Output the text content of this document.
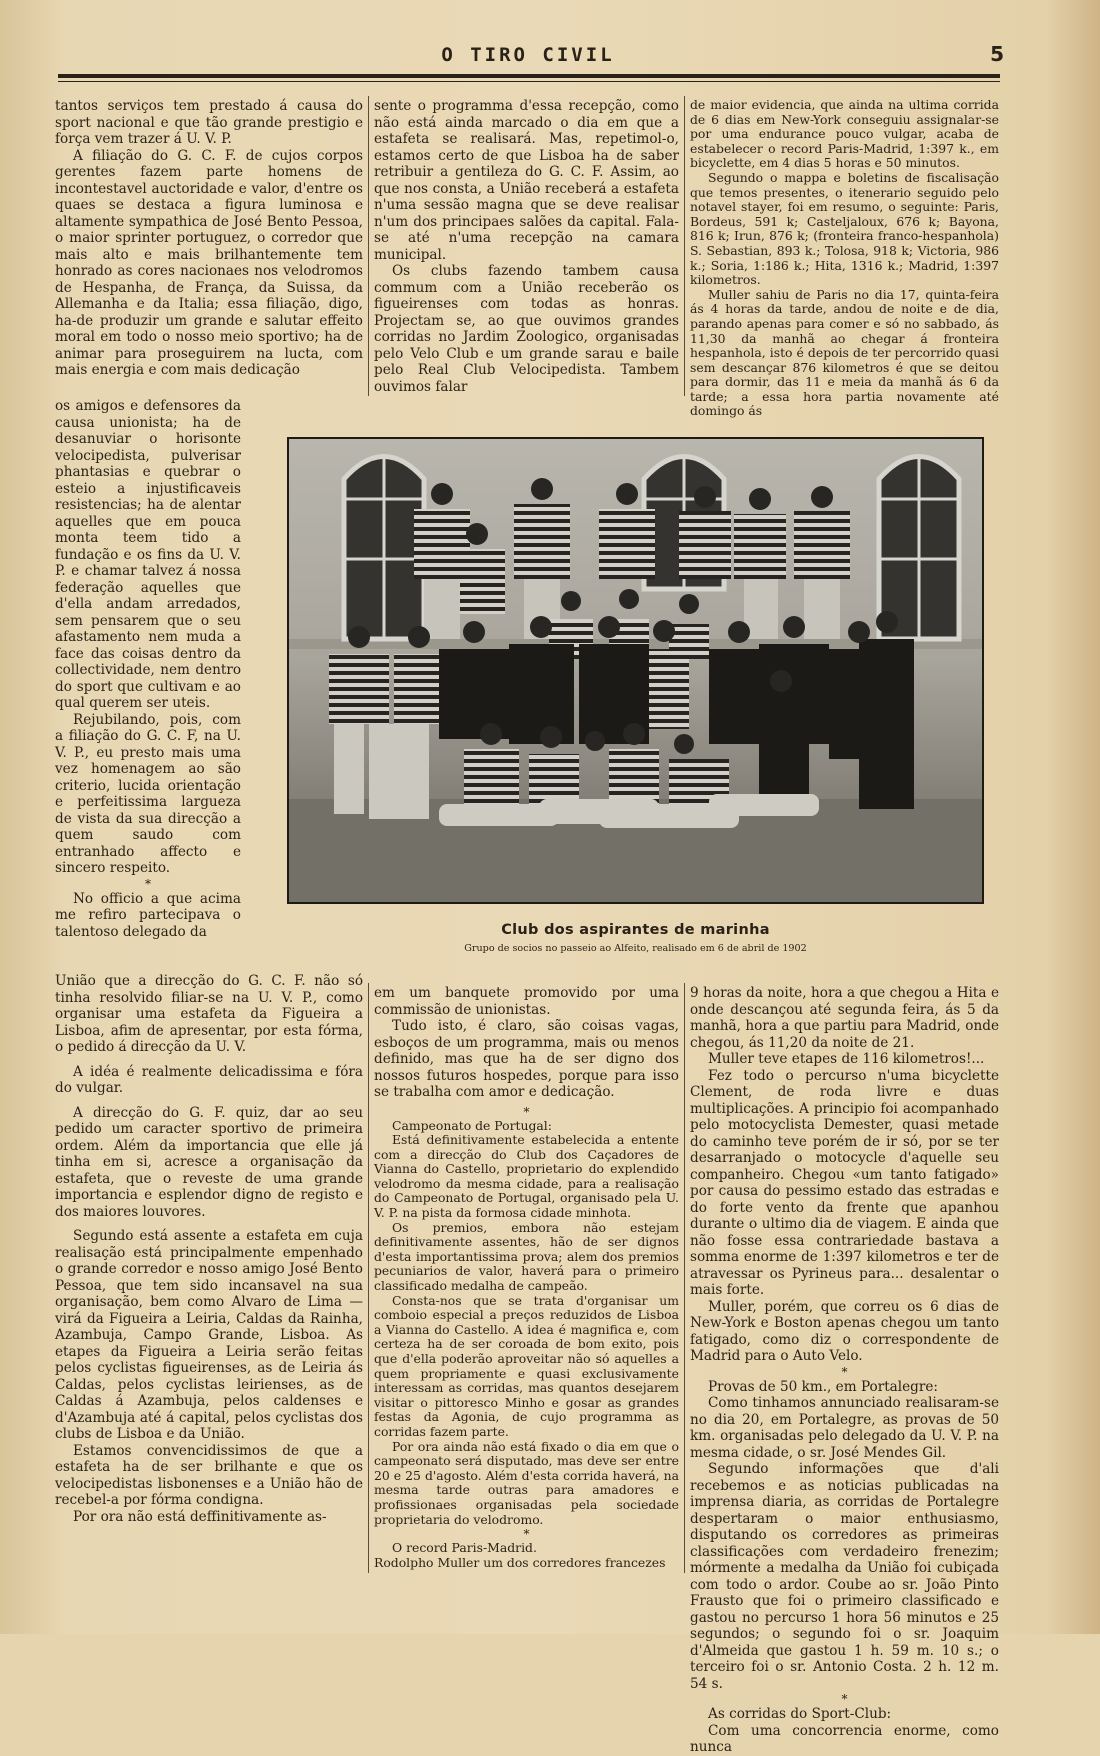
O TIRO CIVIL	5

tantos serviços tem prestado á causa do sport nacional e que tão grande prestigio e força vem trazer á U. V. P.

A filiação do G. C. F. de cujos corpos gerentes fazem parte homens de incontestavel auctoridade e valor, d'entre os quaes se destaca a figura luminosa e altamente sympathica de José Bento Pessoa, o maior sprinter portuguez, o corredor que mais alto e mais brilhantemente tem honrado as cores nacionaes nos velodromos de Hespanha, de França, da Suissa, da Allemanha e da Italia; essa filiação, digo, ha-de produzir um grande e salutar effeito moral em todo o nosso meio sportivo; ha de animar para proseguirem na lucta, com mais energia e com mais dedicação

os amigos e defensores da causa unionista; ha de desanuviar o horisonte velocipedista, pulverisar phantasias e quebrar o esteio a injustificaveis resistencias; ha de alentar aquelles que em pouca monta teem tido a fundação e os fins da U. V. P. e chamar talvez á nossa federação aquelles que d'ella andam arredados, sem pensarem que o seu afastamento nem muda a face das coisas dentro da collectividade, nem dentro do sport que cultivam e ao qual querem ser uteis.

Rejubilando, pois, com a filiação do G. C. F, na U. V. P., eu presto mais uma vez homenagem ao são criterio, lucida orientação e perfeitissima largueza de vista da sua direcção a quem saudo com entranhado affecto e sincero respeito.

*

No officio a que acima me refiro partecipava o talentoso delegado da	Club dos aspirantes de marinha
Grupo de socios no passeio ao Alfeito, realisado em 6 de abril de 1902

União que a direcção do G. C. F. não só tinha resolvido filiar-se na U. V. P., como organisar uma estafeta da Figueira a Lisboa, afim de apresentar, por esta fórma, o pedido á direcção da U. V.

A idéa é realmente delicadissima e fóra do vulgar.

A direcção do G. F. quiz, dar ao seu pedido um caracter sportivo de primeira ordem. Além da importancia que elle já tinha em si, acresce a organisação da estafeta, que o reveste de uma grande importancia e esplendor digno de registo e dos maiores louvores.

Segundo está assente a estafeta em cuja realisação está principalmente empenhado o grande corredor e nosso amigo José Bento Pessoa, que tem sido incansavel na sua organisação, bem como Alvaro de Lima — virá da Figueira a Leiria, Caldas da Rainha, Azambuja, Campo Grande, Lisboa. As etapes da Figueira a Leiria serão feitas pelos cyclistas figueirenses, as de Leiria ás Caldas, pelos cyclistas leirienses, as de Caldas á Azambuja, pelos caldenses e d'Azambuja até á capital, pelos cyclistas dos clubs de Lisboa e da União.

Estamos convencidissimos de que a estafeta ha de ser brilhante e que os velocipedistas lisbonenses e a União hão de recebel-a por fórma condigna.

Por ora não está deffinitivamente as-

sente o programma d'essa recepção, como não está ainda marcado o dia em que a estafeta se realisará. Mas, repetimol-o, estamos certo de que Lisboa ha de saber retribuir a gentileza do G. C. F. Assim, ao que nos consta, a União receberá a estafeta n'uma sessão magna que se deve realisar n'um dos principaes salões da capital. Fala-se até n'uma recepção na camara municipal.

Os clubs fazendo tambem causa commum com a União receberão os figueirenses com todas as honras. Projectam se, ao que ouvimos grandes corridas no Jardim Zoologico, organisadas pelo Velo Club e um grande sarau e baile pelo Real Club Velocipedista. Tambem ouvimos falar

em um banquete promovido por uma commissão de unionistas.

Tudo isto, é claro, são coisas vagas, esboços de um programma, mais ou menos definido, mas que ha de ser digno dos nossos futuros hospedes, porque para isso se trabalha com amor e dedicação.

*

Campeonato de Portugal:

Está definitivamente estabelecida a entente com a direcção do Club dos Caçadores de Vianna do Castello, proprietario do explendido velodromo da mesma cidade, para a realisação do Campeonato de Portugal, organisado pela U. V. P. na pista da formosa cidade minhota.

Os premios, embora não estejam definitivamente assentes, hão de ser dignos d'esta importantissima prova; alem dos premios pecuniarios de valor, haverá para o primeiro classificado medalha de campeão.

Consta-nos que se trata d'organisar um comboio especial a preços reduzidos de Lisboa a Vianna do Castello. A idea é magnifica e, com certeza ha de ser coroada de bom exito, pois que d'ella poderão aproveitar não só aquelles a quem propriamente e quasi exclusivamente interessam as corridas, mas quantos desejarem visitar o pittoresco Minho e gosar as grandes festas da Agonia, de cujo programma as corridas fazem parte.

Por ora ainda não está fixado o dia em que o campeonato será disputado, mas deve ser entre 20 e 25 d'agosto. Além d'esta corrida haverá, na mesma tarde outras para amadores e profissionaes organisadas pela sociedade proprietaria do velodromo.

*

O record Paris-Madrid.

Rodolpho Muller um dos corredores francezes

de maior evidencia, que ainda na ultima corrida de 6 dias em New-York conseguiu assignalar-se por uma endurance pouco vulgar, acaba de estabelecer o record Paris-Madrid, 1:397 k., em bicyclette, em 4 dias 5 horas e 50 minutos.

Segundo o mappa e boletins de fiscalisação que temos presentes, o itenerario seguido pelo notavel stayer, foi em resumo, o seguinte: Paris, Bordeus, 591 k; Casteljaloux, 676 k; Bayona, 816 k; Irun, 876 k; (fronteira franco-hespanhola) S. Sebastian, 893 k.; Tolosa, 918 k; Victoria, 986 k.; Soria, 1:186 k.; Hita, 1316 k.; Madrid, 1:397 kilometros.

Muller sahiu de Paris no dia 17, quinta-feira ás 4 horas da tarde, andou de noite e de dia, parando apenas para comer e só no sabbado, ás 11,30 da manhã ao chegar á fronteira hespanhola, isto é depois de ter percorrido quasi sem descançar 876 kilometros é que se deitou para dormir, das 11 e meia da manhã ás 6 da tarde; a essa hora partia novamente até domingo ás

9 horas da noite, hora a que chegou a Hita e onde descançou até segunda feira, ás 5 da manhã, hora a que partiu para Madrid, onde chegou, ás 11,20 da noite de 21.

Muller teve etapes de 116 kilometros!...

Fez todo o percurso n'uma bicyclette Clement, de roda livre e duas multiplicações. A principio foi acompanhado pelo motocyclista Demester, quasi metade do caminho teve porém de ir só, por se ter desarranjado o motocycle d'aquelle seu companheiro. Chegou «um tanto fatigado» por causa do pessimo estado das estradas e do forte vento da frente que apanhou durante o ultimo dia de viagem. E ainda que não fosse essa contrariedade bastava a somma enorme de 1:397 kilometros e ter de atravessar os Pyrineus para... desalentar o mais forte.

Muller, porém, que correu os 6 dias de New-York e Boston apenas chegou um tanto fatigado, como diz o correspondente de Madrid para o Auto Velo.

*

Provas de 50 km., em Portalegre:

Como tinhamos annunciado realisaram-se no dia 20, em Portalegre, as provas de 50 km. organisadas pelo delegado da U. V. P. na mesma cidade, o sr. José Mendes Gil.

Segundo informações que d'ali recebemos e as noticias publicadas na imprensa diaria, as corridas de Portalegre despertaram o maior enthusiasmo, disputando os corredores as primeiras classificações com verdadeiro frenezim; mórmente a medalha da União foi cubiçada com todo o ardor. Coube ao sr. João Pinto Frausto que foi o primeiro classificado e gastou no percurso 1 hora 56 minutos e 25 segundos; o segundo foi o sr. Joaquim d'Almeida que gastou 1 h. 59 m. 10 s.; o terceiro foi o sr. Antonio Costa. 2 h. 12 m. 54 s.

*

As corridas do Sport-Club:

Com uma concorrencia enorme, como nunca
